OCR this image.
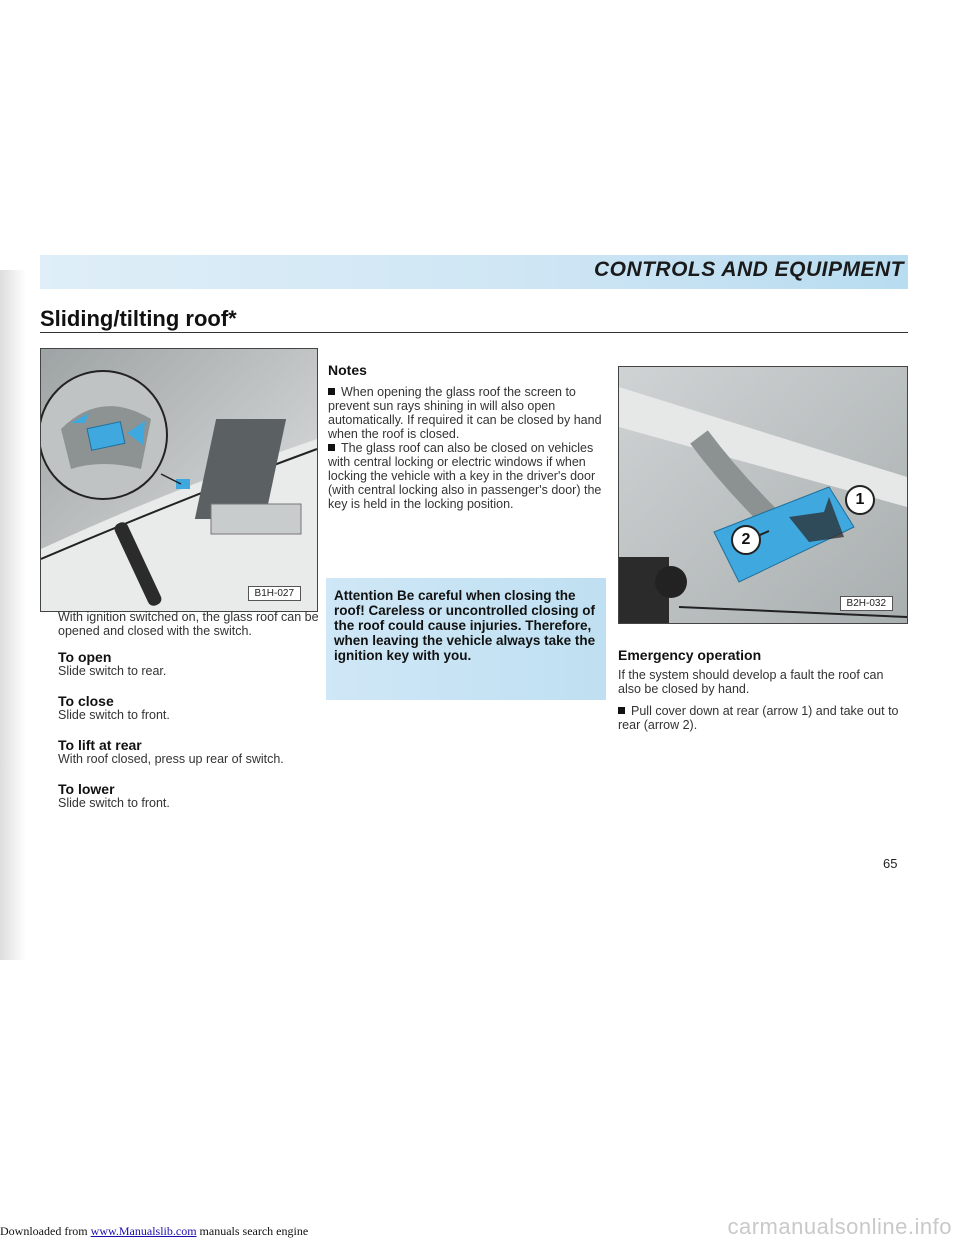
CONTROLS AND EQUIPMENT
Sliding/tilting roof*
B1H-027
1
2
B2H-032

With ignition switched on, the glass roof can be opened and closed with the switch.

To open

Slide switch to rear.

To close

Slide switch to front.

To lift at rear

With roof closed, press up rear of switch.

To lower

Slide switch to front.

Notes

When opening the glass roof the screen to prevent sun rays shining in will also open automatically. If required it can be closed by hand when the roof is closed.

The glass roof can also be closed on vehicles with central locking or electric windows if when locking the vehicle with a key in the driver's door (with central locking also in passenger's door) the key is held in the locking position.

Attention Be careful when closing the roof! Careless or uncontrolled closing of the roof could cause injuries. Therefore, when leaving the vehicle always take the ignition key with you.	Emergency operation

If the system should develop a fault the roof can also be closed by hand.

Pull cover down at rear (arrow 1) and take out to rear (arrow 2).

65
Downloaded from www.Manualslib.com manuals search engine	carmanualsonline.info
